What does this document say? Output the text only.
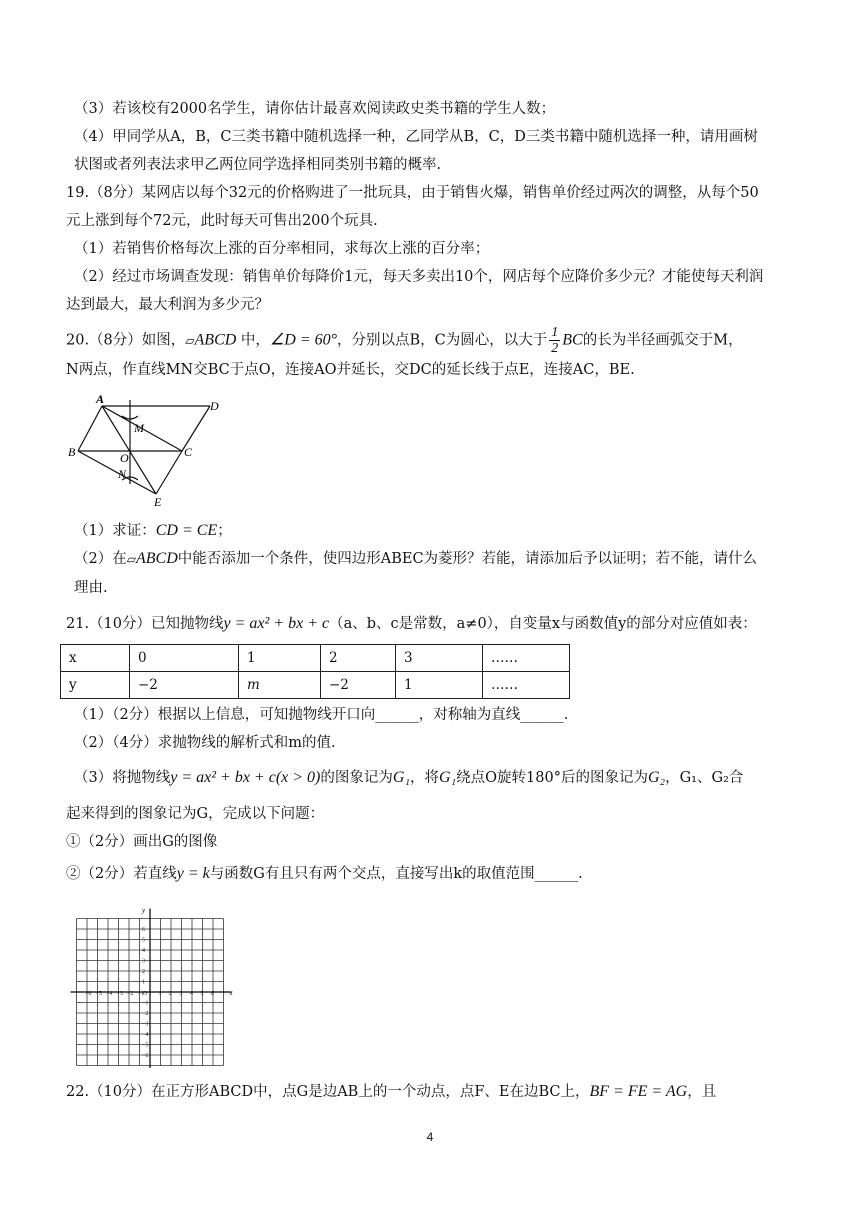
（3）若该校有2000名学生，请你估计最喜欢阅读政史类书籍的学生人数；
（4）甲同学从A，B，C三类书籍中随机选择一种，乙同学从B，C，D三类书籍中随机选择一种，请用画树
状图或者列表法求甲乙两位同学选择相同类别书籍的概率.
19.（8分）某网店以每个32元的价格购进了一批玩具，由于销售火爆，销售单价经过两次的调整，从每个50
元上涨到每个72元，此时每天可售出200个玩具.
（1）若销售价格每次上涨的百分率相同，求每次上涨的百分率；
（2）经过市场调查发现：销售单价每降价1元，每天多卖出10个，网店每个应降价多少元？才能使每天利润
达到最大，最大利润为多少元？
20.（8分）如图，▱ABCD 中，∠D = 60°，分别以点B，C为圆心，以大于 $\frac{1}{2}$ BC的长为半径画弧交于M，
N两点，作直线MN交BC于点O，连接AO并延长，交DC的延长线于点E，连接AC，BE.
A	D
B	C
E
M
O
N
（1）求证：CD = CE；
（2）在▱ABCD中能否添加一个条件，使四边形ABEC为菱形？若能，请添加后予以证明；若不能，请什么
理由.
21.（10分）已知抛物线y = ax² + bx + c（a、b、c是常数，a≠0），自变量x与函数值y的部分对应值如表：
x	0	1	2	3	……
y	−2	m	−2	1	……
（1）（2分）根据以上信息，可知抛物线开口向______，对称轴为直线______.
（2）（4分）求抛物线的解析式和m的值.
（3）将抛物线y = ax² + bx + c(x > 0)的图象记为G₁，将G₁绕点O旋转180°后的图象记为G₂，G₁、G₂合
起来得到的图象记为G，完成以下问题：
①（2分）画出G的图像
②（2分）若直线y = k与函数G有且只有两个交点，直接写出k的取值范围______.
−6 −5 −4 −3 −2 −1 O 1 2 3 4 5 6 x
6
5
4
3
2
1
−1
−2
−3
−4
−5
−6
y
22.（10分）在正方形ABCD中，点G是边AB上的一个动点，点F、E在边BC上，BF = FE = AG，且
4
